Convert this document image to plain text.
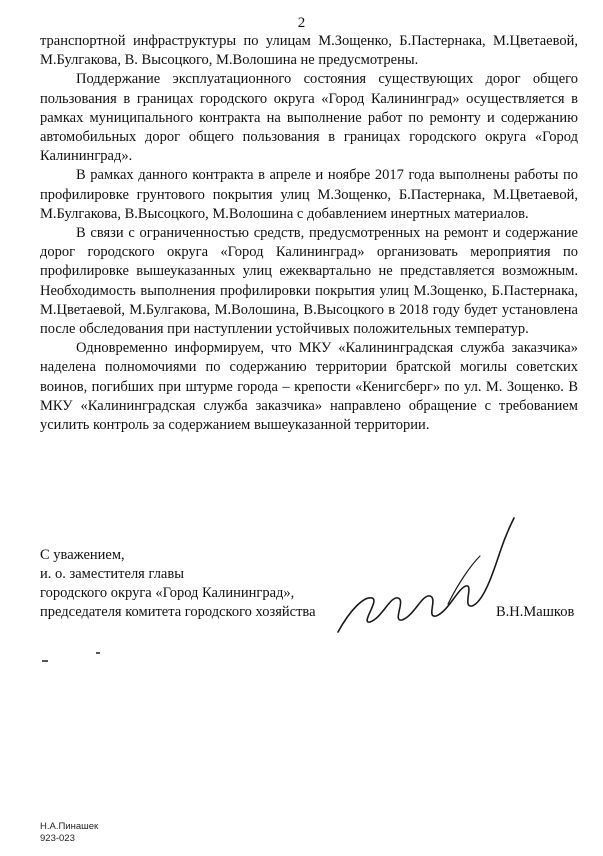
2

транспортной инфраструктуры по улицам М.Зощенко, Б.Пастернака, М.Цветаевой, М.Булгакова, В. Высоцкого, М.Волошина не предусмотрены.

Поддержание эксплуатационного состояния существующих дорог общего пользования в границах городского округа «Город Калининград» осуществляется в рамках муниципального контракта на выполнение работ по ремонту и содержанию автомобильных дорог общего пользования в границах городского округа «Город Калининград».

В рамках данного контракта в апреле и ноябре 2017 года выполнены работы по профилировке грунтового покрытия улиц М.Зощенко, Б.Пастернака, М.Цветаевой, М.Булгакова, В.Высоцкого, М.Волошина с добавлением инертных материалов.

В связи с ограниченностью средств, предусмотренных на ремонт и содержание дорог городского округа «Город Калининград» организовать мероприятия по профилировке вышеуказанных улиц ежеквартально не представляется возможным. Необходимость выполнения профилировки покрытия улиц М.Зощенко, Б.Пастернака, М.Цветаевой, М.Булгакова, М.Волошина, В.Высоцкого в 2018 году будет установлена после обследования при наступлении устойчивых положительных температур.

Одновременно информируем, что МКУ «Калининградская служба заказчика» наделена полномочиями по содержанию территории братской могилы советских воинов, погибших при штурме города – крепости «Кенигсберг» по ул. М. Зощенко. В МКУ «Калининградская служба заказчика» направлено обращение с требованием усилить контроль за содержанием вышеуказанной территории.

С уважением,
и. о. заместителя главы
городского округа «Город Калининград»,
председателя комитета городского хозяйства	В.Н.Машков
Н.А.Пинашек
923-023
